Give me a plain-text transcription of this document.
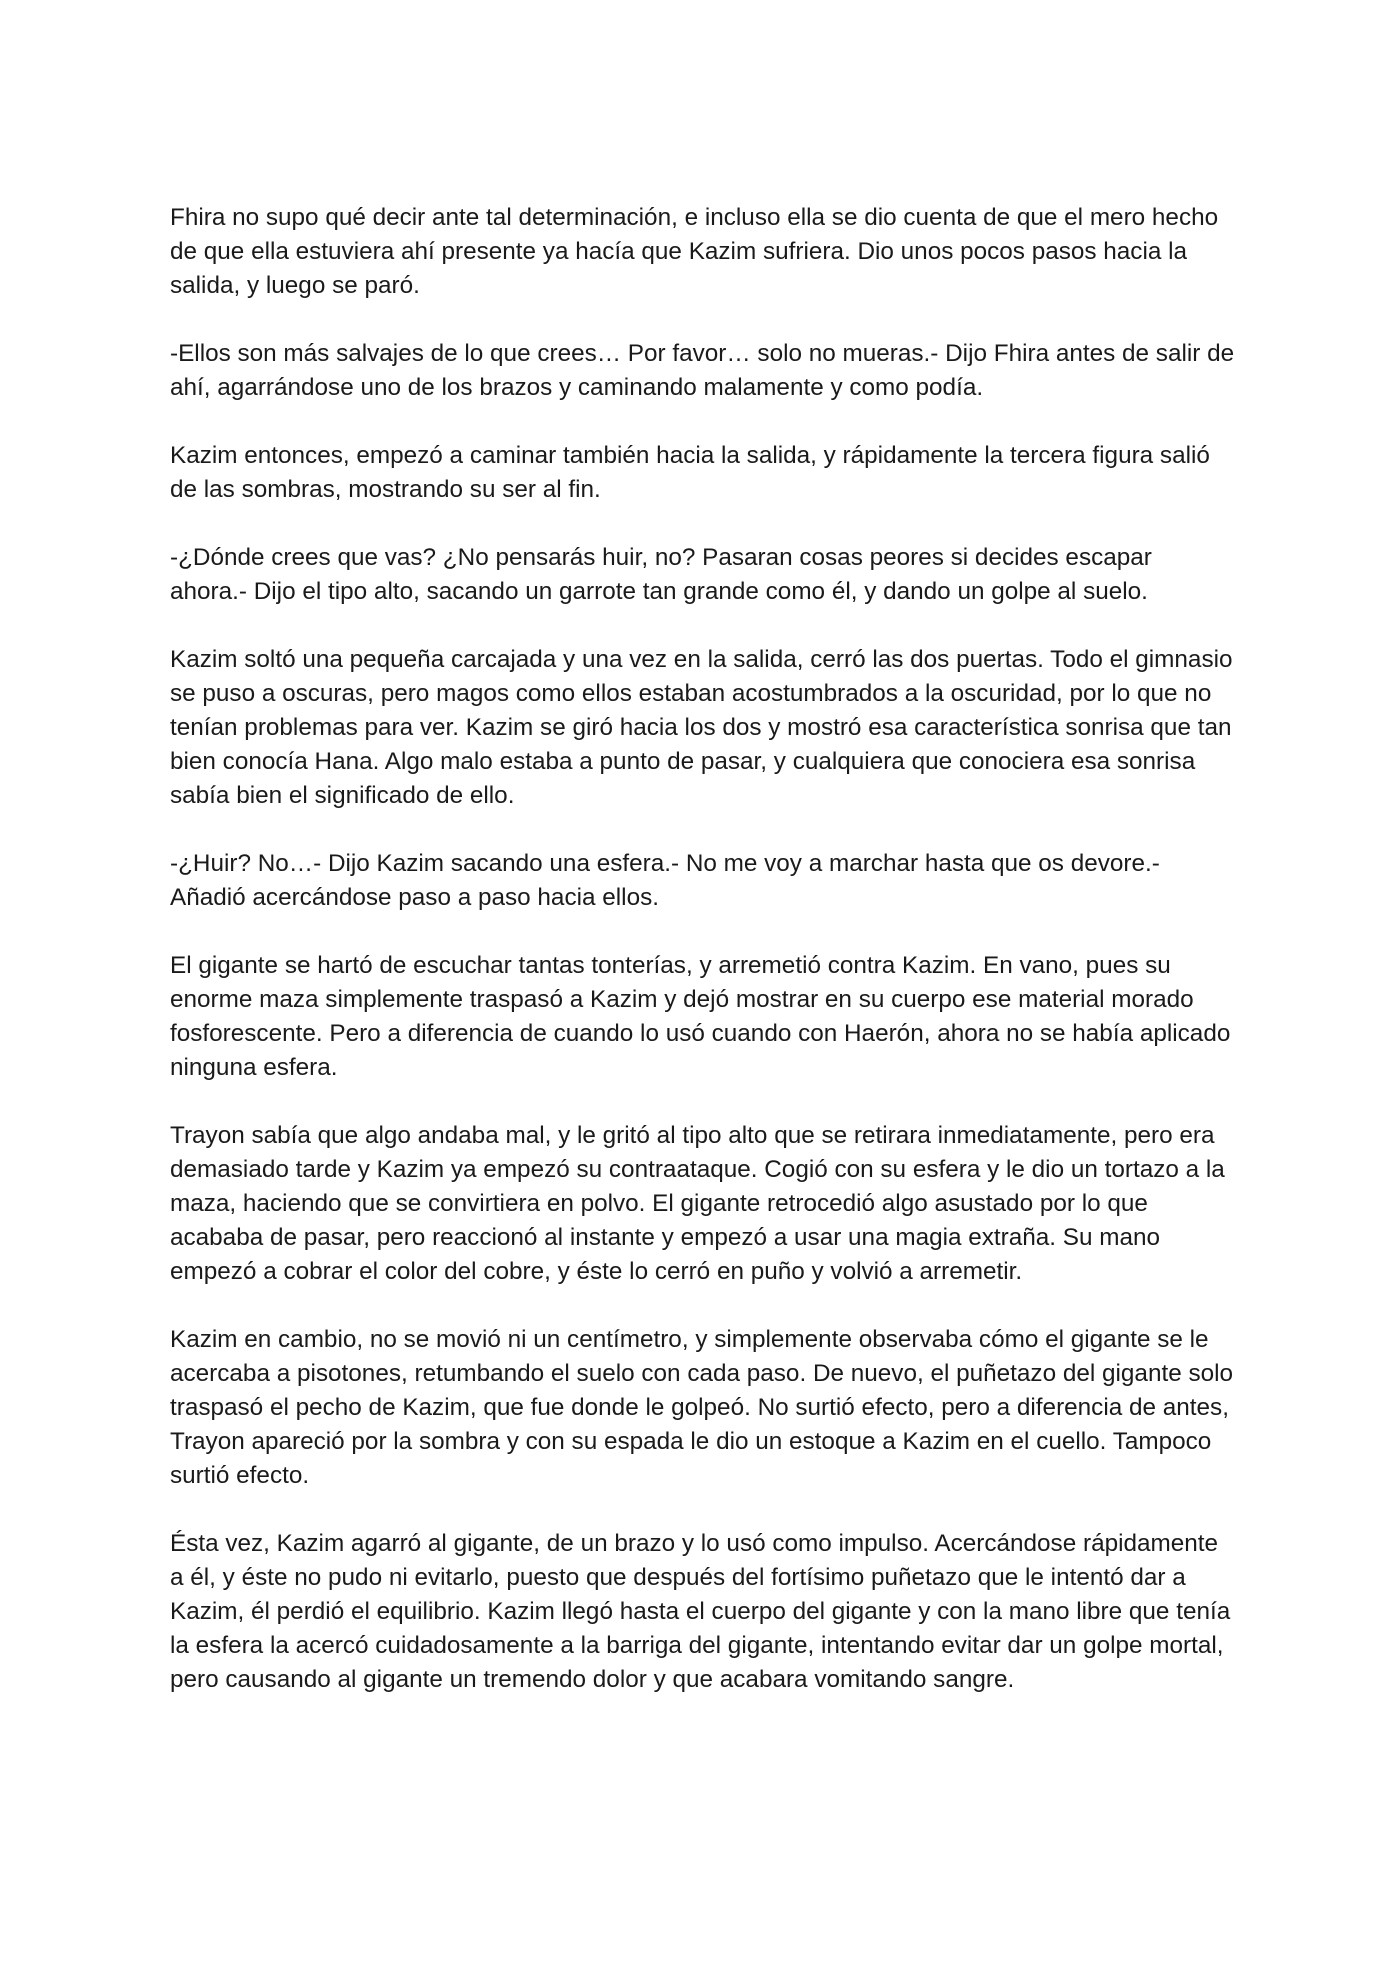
Fhira no supo qué decir ante tal determinación, e incluso ella se dio cuenta de que el mero hecho de que ella estuviera ahí presente ya hacía que Kazim sufriera. Dio unos pocos pasos hacia la salida, y luego se paró.

-Ellos son más salvajes de lo que crees… Por favor… solo no mueras.- Dijo Fhira antes de salir de ahí, agarrándose uno de los brazos y caminando malamente y como podía.

Kazim entonces, empezó a caminar también hacia la salida, y rápidamente la tercera figura salió de las sombras, mostrando su ser al fin.

-¿Dónde crees que vas? ¿No pensarás huir, no? Pasaran cosas peores si decides escapar ahora.- Dijo el tipo alto, sacando un garrote tan grande como él, y dando un golpe al suelo.

Kazim soltó una pequeña carcajada y una vez en la salida, cerró las dos puertas. Todo el gimnasio se puso a oscuras, pero magos como ellos estaban acostumbrados a la oscuridad, por lo que no tenían problemas para ver. Kazim se giró hacia los dos y mostró esa característica sonrisa que tan bien conocía Hana. Algo malo estaba a punto de pasar, y cualquiera que conociera esa sonrisa sabía bien el significado de ello.

-¿Huir? No…- Dijo Kazim sacando una esfera.- No me voy a marchar hasta que os devore.- Añadió acercándose paso a paso hacia ellos.

El gigante se hartó de escuchar tantas tonterías, y arremetió contra Kazim. En vano, pues su enorme maza simplemente traspasó a Kazim y dejó mostrar en su cuerpo ese material morado fosforescente. Pero a diferencia de cuando lo usó cuando con Haerón, ahora no se había aplicado ninguna esfera.

Trayon sabía que algo andaba mal, y le gritó al tipo alto que se retirara inmediatamente, pero era demasiado tarde y Kazim ya empezó su contraataque. Cogió con su esfera y le dio un tortazo a la maza, haciendo que se convirtiera en polvo. El gigante retrocedió algo asustado por lo que acababa de pasar, pero reaccionó al instante y empezó a usar una magia extraña. Su mano empezó a cobrar el color del cobre, y éste lo cerró en puño y volvió a arremetir.

Kazim en cambio, no se movió ni un centímetro, y simplemente observaba cómo el gigante se le acercaba a pisotones, retumbando el suelo con cada paso. De nuevo, el puñetazo del gigante solo traspasó el pecho de Kazim, que fue donde le golpeó. No surtió efecto, pero a diferencia de antes, Trayon apareció por la sombra y con su espada le dio un estoque a Kazim en el cuello. Tampoco surtió efecto.

Ésta vez, Kazim agarró al gigante, de un brazo y lo usó como impulso. Acercándose rápidamente a él, y éste no pudo ni evitarlo, puesto que después del fortísimo puñetazo que le intentó dar a Kazim, él perdió el equilibrio. Kazim llegó hasta el cuerpo del gigante y con la mano libre que tenía la esfera la acercó cuidadosamente a la barriga del gigante, intentando evitar dar un golpe mortal, pero causando al gigante un tremendo dolor y que acabara vomitando sangre.
